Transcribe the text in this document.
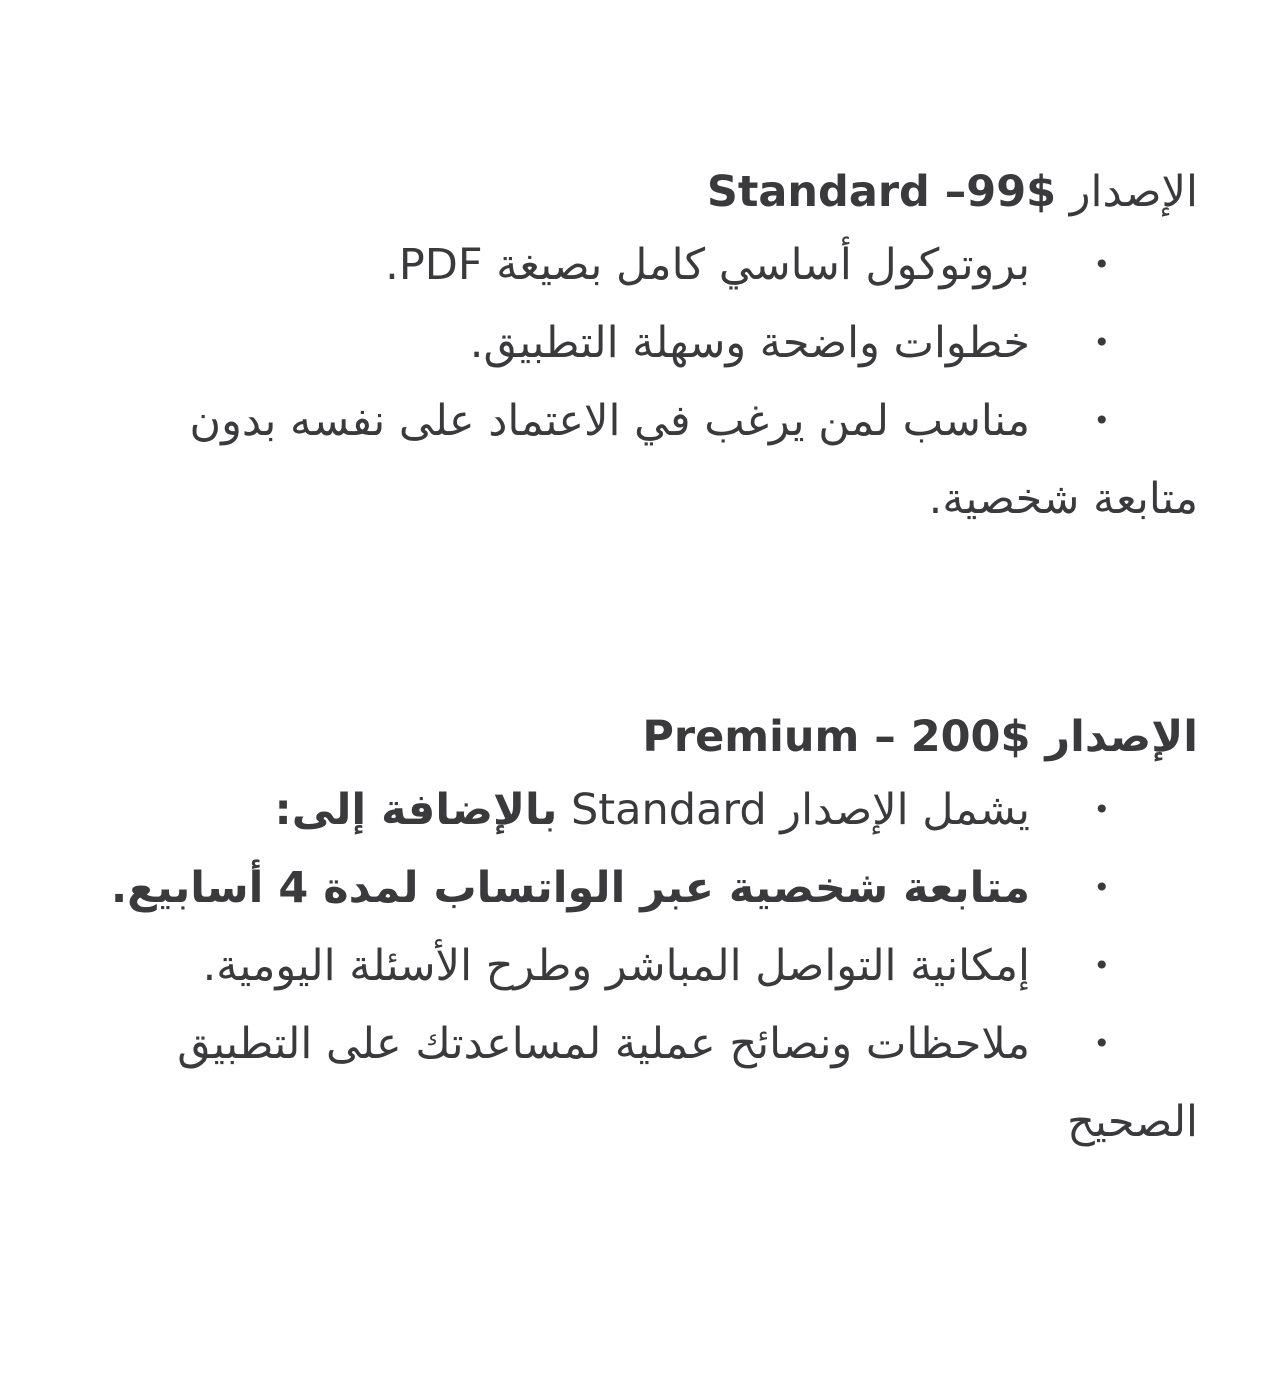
الإصدار Standard –99$
•
بروتوكول أساسي كامل بصيغة PDF.
•
خطوات واضحة وسهلة التطبيق.
•
مناسب لمن يرغب في الاعتماد على نفسه بدون
متابعة شخصية.
الإصدار Premium – 200$
•
يشمل الإصدار Standard بالإضافة إلى:
•
متابعة شخصية عبر الواتساب لمدة 4 أسابيع.
•
إمكانية التواصل المباشر وطرح الأسئلة اليومية.
•
ملاحظات ونصائح عملية لمساعدتك على التطبيق
الصحيح
